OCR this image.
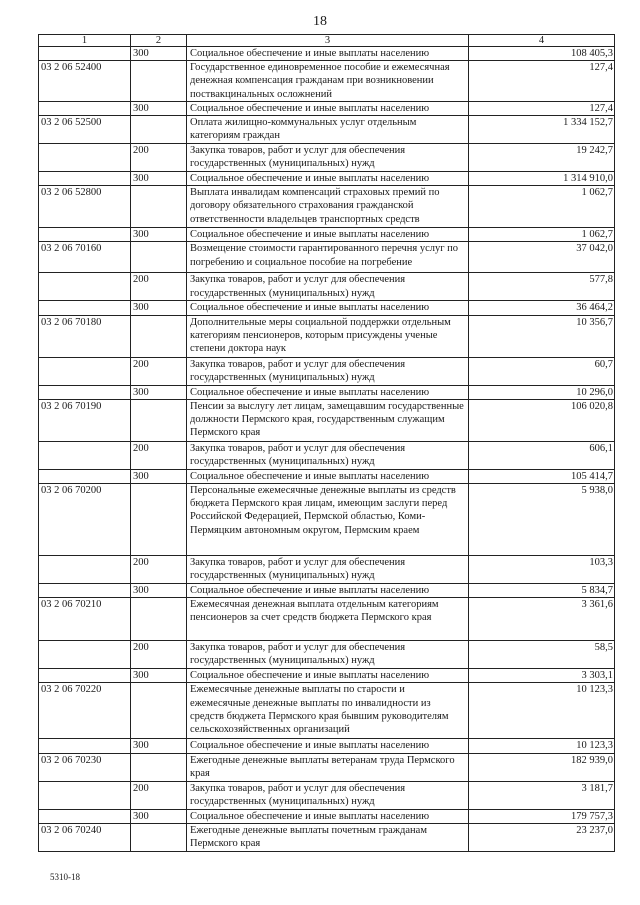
18
1	2	3	4
	300	Социальное обеспечение и иные выплаты населению	108 405,3
03 2 06 52400		Государственное единовременное пособие и ежемесячная денежная компенсация гражданам при возникновении поствакцинальных осложнений	127,4
	300	Социальное обеспечение и иные выплаты населению	127,4
03 2 06 52500		Оплата жилищно-коммунальных услуг отдельным категориям граждан	1 334 152,7
	200	Закупка товаров, работ и услуг для обеспечения государственных (муниципальных) нужд	19 242,7
	300	Социальное обеспечение и иные выплаты населению	1 314 910,0
03 2 06 52800		Выплата инвалидам компенсаций страховых премий по договору обязательного страхования гражданской ответственности владельцев транспортных средств	1 062,7
	300	Социальное обеспечение и иные выплаты населению	1 062,7
03 2 06 70160		Возмещение стоимости гарантированного перечня услуг по погребению и социальное пособие на погребение	37 042,0
	200	Закупка товаров, работ и услуг для обеспечения государственных (муниципальных) нужд	577,8
	300	Социальное обеспечение и иные выплаты населению	36 464,2
03 2 06 70180		Дополнительные меры социальной поддержки отдельным категориям пенсионеров, которым присуждены ученые степени доктора наук	10 356,7
	200	Закупка товаров, работ и услуг для обеспечения государственных (муниципальных) нужд	60,7
	300	Социальное обеспечение и иные выплаты населению	10 296,0
03 2 06 70190		Пенсии за выслугу лет лицам, замещавшим государственные должности Пермского края, государственным служащим Пермского края	106 020,8
	200	Закупка товаров, работ и услуг для обеспечения государственных (муниципальных) нужд	606,1
	300	Социальное обеспечение и иные выплаты населению	105 414,7
03 2 06 70200		Персональные ежемесячные денежные выплаты из средств бюджета Пермского края лицам, имеющим заслуги перед Российской Федерацией, Пермской областью, Коми-Пермяцким автономным округом, Пермским краем	5 938,0
	200	Закупка товаров, работ и услуг для обеспечения государственных (муниципальных) нужд	103,3
	300	Социальное обеспечение и иные выплаты населению	5 834,7
03 2 06 70210		Ежемесячная денежная выплата отдельным категориям пенсионеров за счет средств бюджета Пермского края	3 361,6
	200	Закупка товаров, работ и услуг для обеспечения государственных (муниципальных) нужд	58,5
	300	Социальное обеспечение и иные выплаты населению	3 303,1
03 2 06 70220		Ежемесячные денежные выплаты по старости и ежемесячные денежные выплаты по инвалидности из средств бюджета Пермского края бывшим руководителям сельскохозяйственных организаций	10 123,3
	300	Социальное обеспечение и иные выплаты населению	10 123,3
03 2 06 70230		Ежегодные денежные выплаты ветеранам труда Пермского края	182 939,0
	200	Закупка товаров, работ и услуг для обеспечения государственных (муниципальных) нужд	3 181,7
	300	Социальное обеспечение и иные выплаты населению	179 757,3
03 2 06 70240		Ежегодные денежные выплаты почетным гражданам Пермского края	23 237,0
5310-18
